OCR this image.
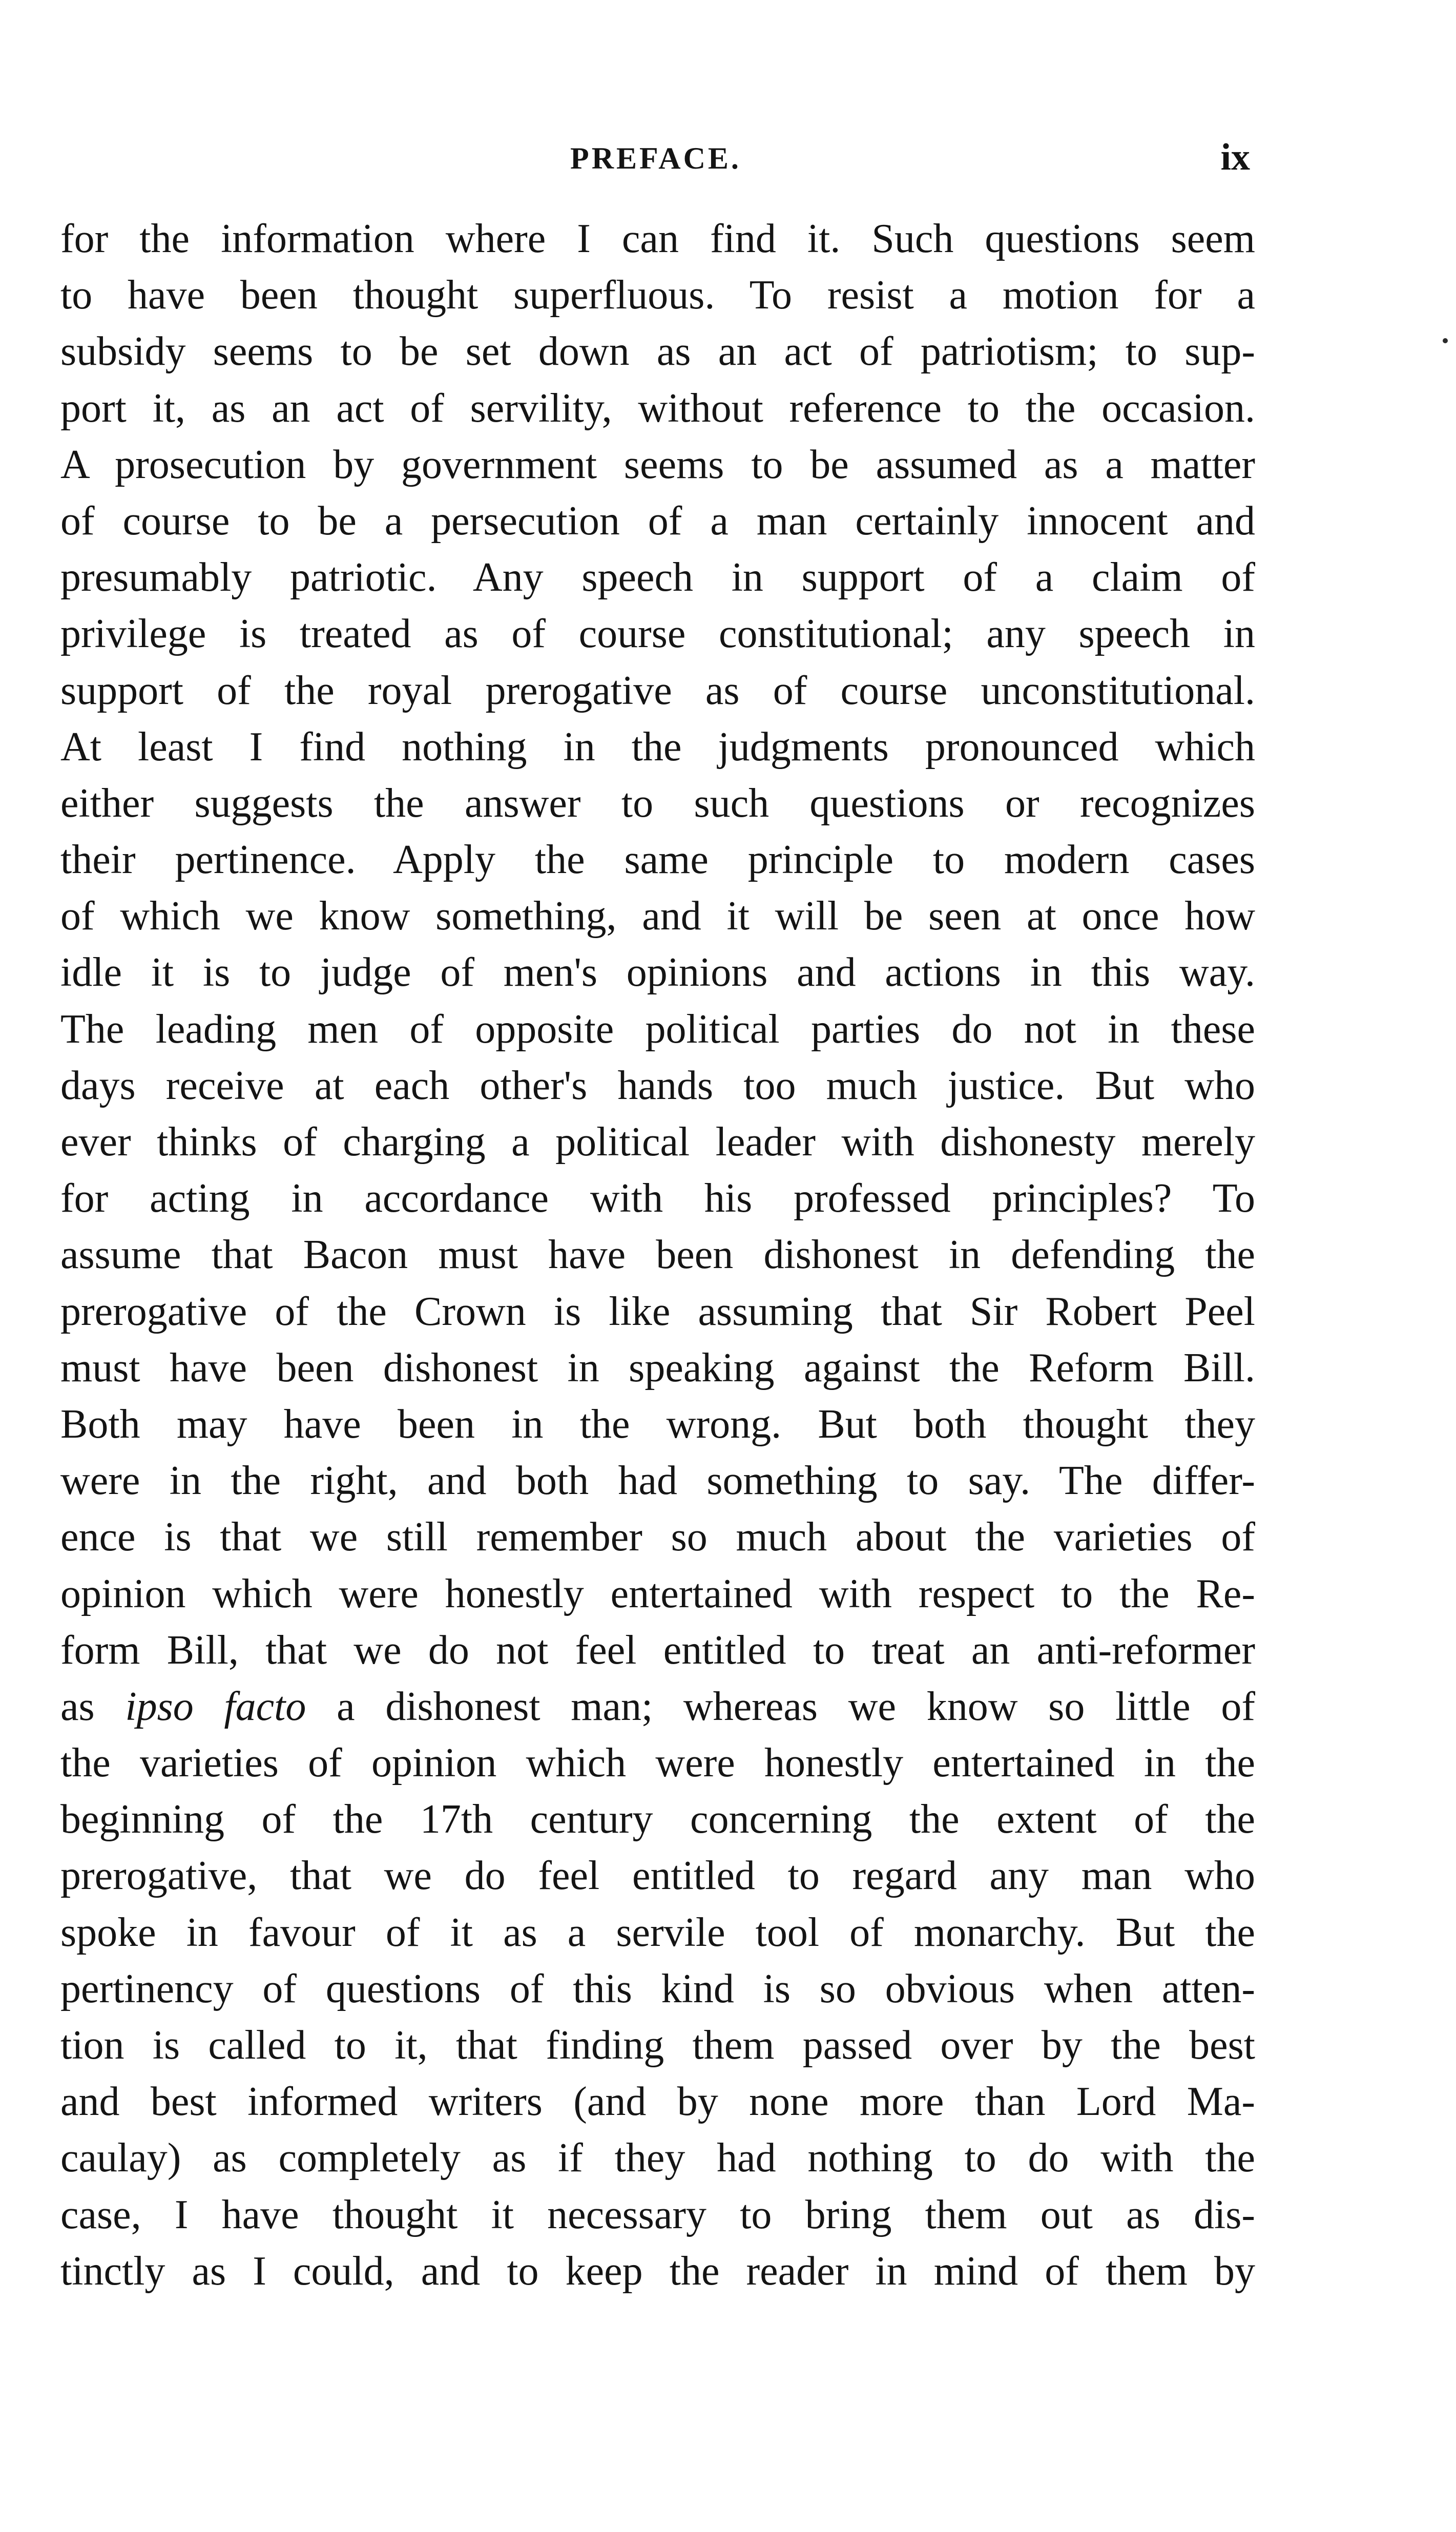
PREFACE.	ix
for the information where I can find it. Such questions seem
to have been thought superfluous. To resist a motion for a
subsidy seems to be set down as an act of patriotism; to sup-
port it, as an act of servility, without reference to the occasion.
A prosecution by government seems to be assumed as a matter
of course to be a persecution of a man certainly innocent and
presumably patriotic. Any speech in support of a claim of
privilege is treated as of course constitutional; any speech in
support of the royal prerogative as of course unconstitutional.
At least I find nothing in the judgments pronounced which
either suggests the answer to such questions or recognizes
their pertinence. Apply the same principle to modern cases
of which we know something, and it will be seen at once how
idle it is to judge of men's opinions and actions in this way.
The leading men of opposite political parties do not in these
days receive at each other's hands too much justice. But who
ever thinks of charging a political leader with dishonesty merely
for acting in accordance with his professed principles? To
assume that Bacon must have been dishonest in defending the
prerogative of the Crown is like assuming that Sir Robert Peel
must have been dishonest in speaking against the Reform Bill.
Both may have been in the wrong. But both thought they
were in the right, and both had something to say. The differ-
ence is that we still remember so much about the varieties of
opinion which were honestly entertained with respect to the Re-
form Bill, that we do not feel entitled to treat an anti-reformer
as ipso facto a dishonest man; whereas we know so little of
the varieties of opinion which were honestly entertained in the
beginning of the 17th century concerning the extent of the
prerogative, that we do feel entitled to regard any man who
spoke in favour of it as a servile tool of monarchy. But the
pertinency of questions of this kind is so obvious when atten-
tion is called to it, that finding them passed over by the best
and best informed writers (and by none more than Lord Ma-
caulay) as completely as if they had nothing to do with the
case, I have thought it necessary to bring them out as dis-
tinctly as I could, and to keep the reader in mind of them by
